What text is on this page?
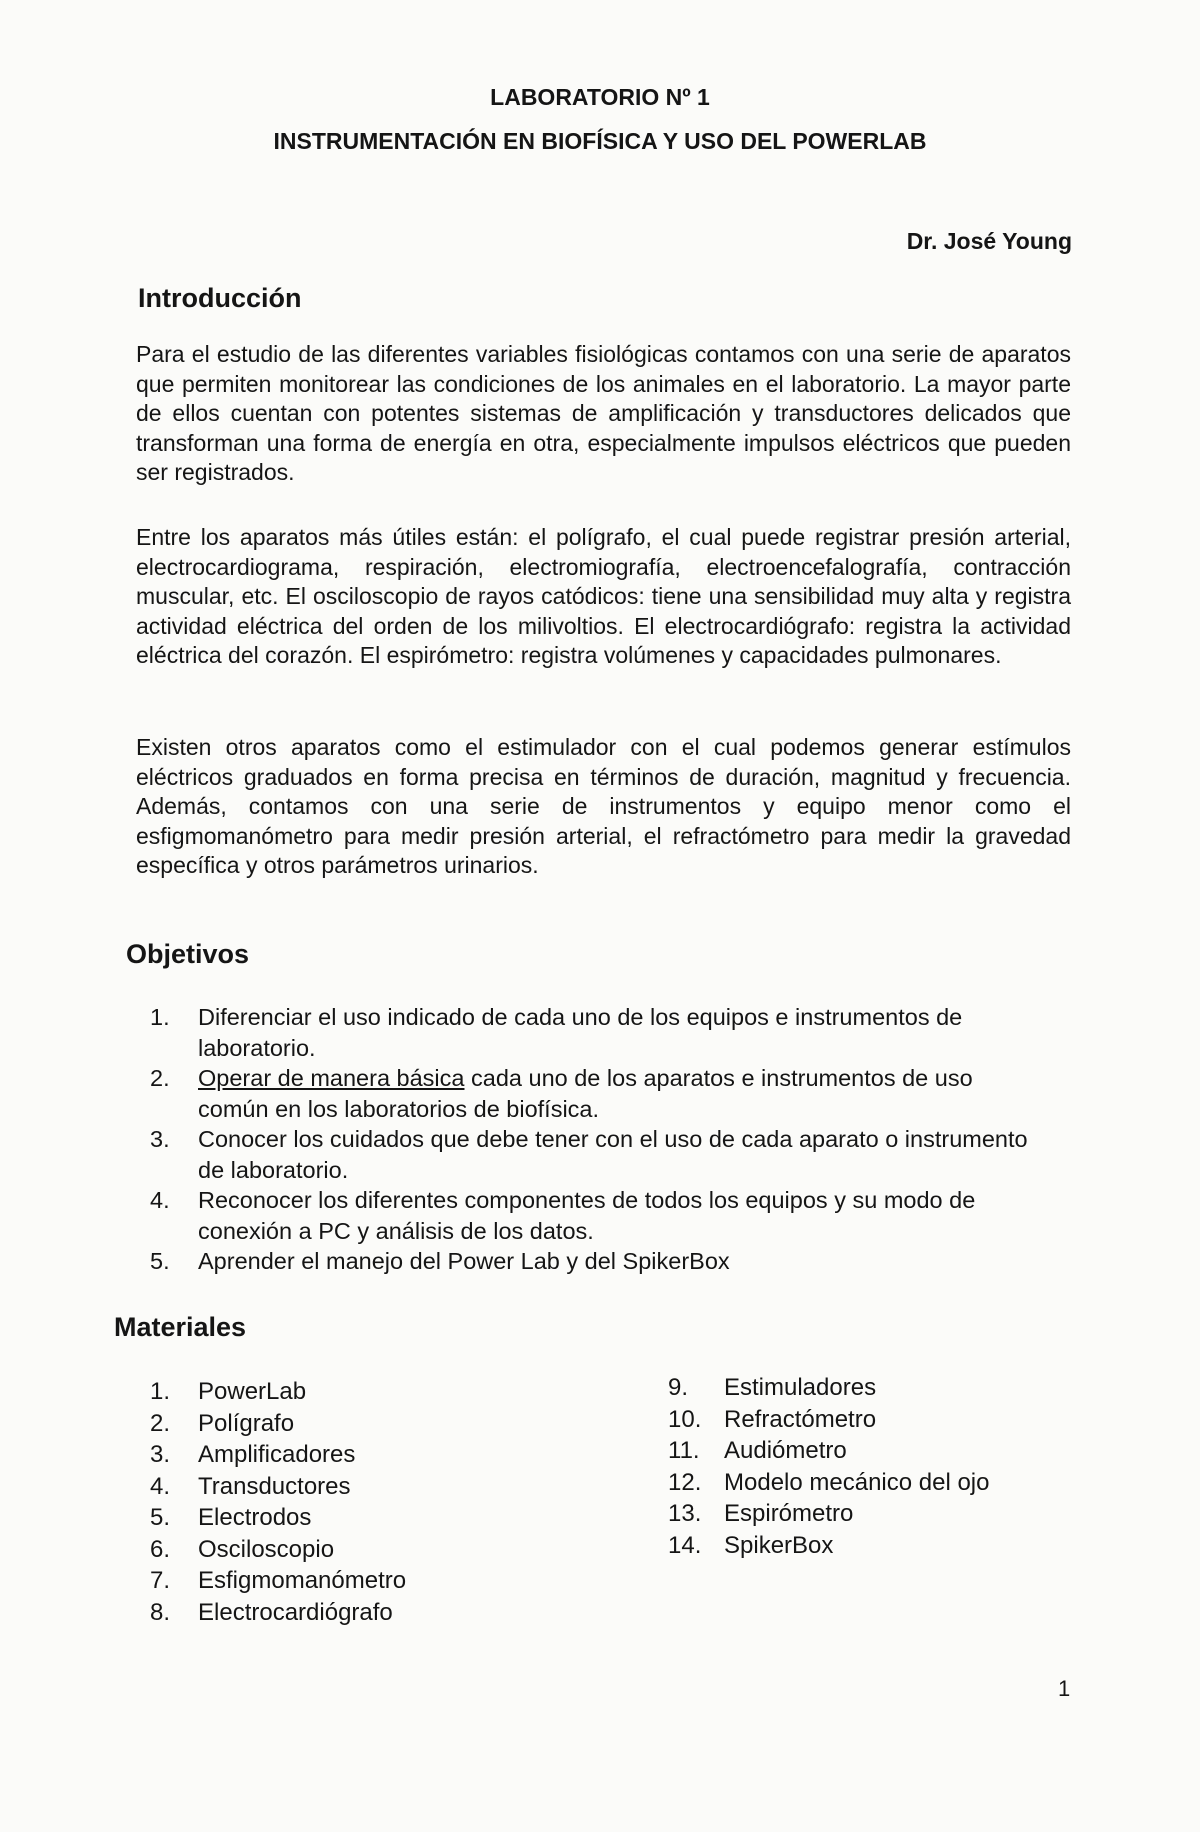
LABORATORIO Nº 1
INSTRUMENTACIÓN EN BIOFÍSICA Y USO DEL POWERLAB
Dr. José Young
Introducción

Para el estudio de las diferentes variables fisiológicas contamos con una serie de aparatos que permiten monitorear las condiciones de los animales en el laboratorio. La mayor parte de ellos cuentan con potentes sistemas de amplificación y transductores delicados que transforman una forma de energía en otra, especialmente impulsos eléctricos que pueden ser registrados.

Entre los aparatos más útiles están: el polígrafo, el cual puede registrar presión arterial, electrocardiograma, respiración, electromiografía, electroencefalografía, contracción muscular, etc. El osciloscopio de rayos catódicos: tiene una sensibilidad muy alta y registra actividad eléctrica del orden de los milivoltios. El electrocardiógrafo: registra la actividad eléctrica del corazón. El espirómetro: registra volúmenes y capacidades pulmonares.

Existen otros aparatos como el estimulador con el cual podemos generar estímulos eléctricos graduados en forma precisa en términos de duración, magnitud y frecuencia. Además, contamos con una serie de instrumentos y equipo menor como el esfigmomanómetro para medir presión arterial, el refractómetro para medir la gravedad específica y otros parámetros urinarios.

Objetivos
1. Diferenciar el uso indicado de cada uno de los equipos e instrumentos de laboratorio.
2. Operar de manera básica cada uno de los aparatos e instrumentos de uso común en los laboratorios de biofísica.
3. Conocer los cuidados que debe tener con el uso de cada aparato o instrumento de laboratorio.
4. Reconocer los diferentes componentes de todos los equipos y su modo de conexión a PC y análisis de los datos.
5. Aprender el manejo del Power Lab y del SpikerBox
Materiales
1. PowerLab
2. Polígrafo
3. Amplificadores
4. Transductores
5. Electrodos
6. Osciloscopio
7. Esfigmomanómetro
8. Electrocardiógrafo
9. Estimuladores
10. Refractómetro
11. Audiómetro
12. Modelo mecánico del ojo
13. Espirómetro
14. SpikerBox
1
